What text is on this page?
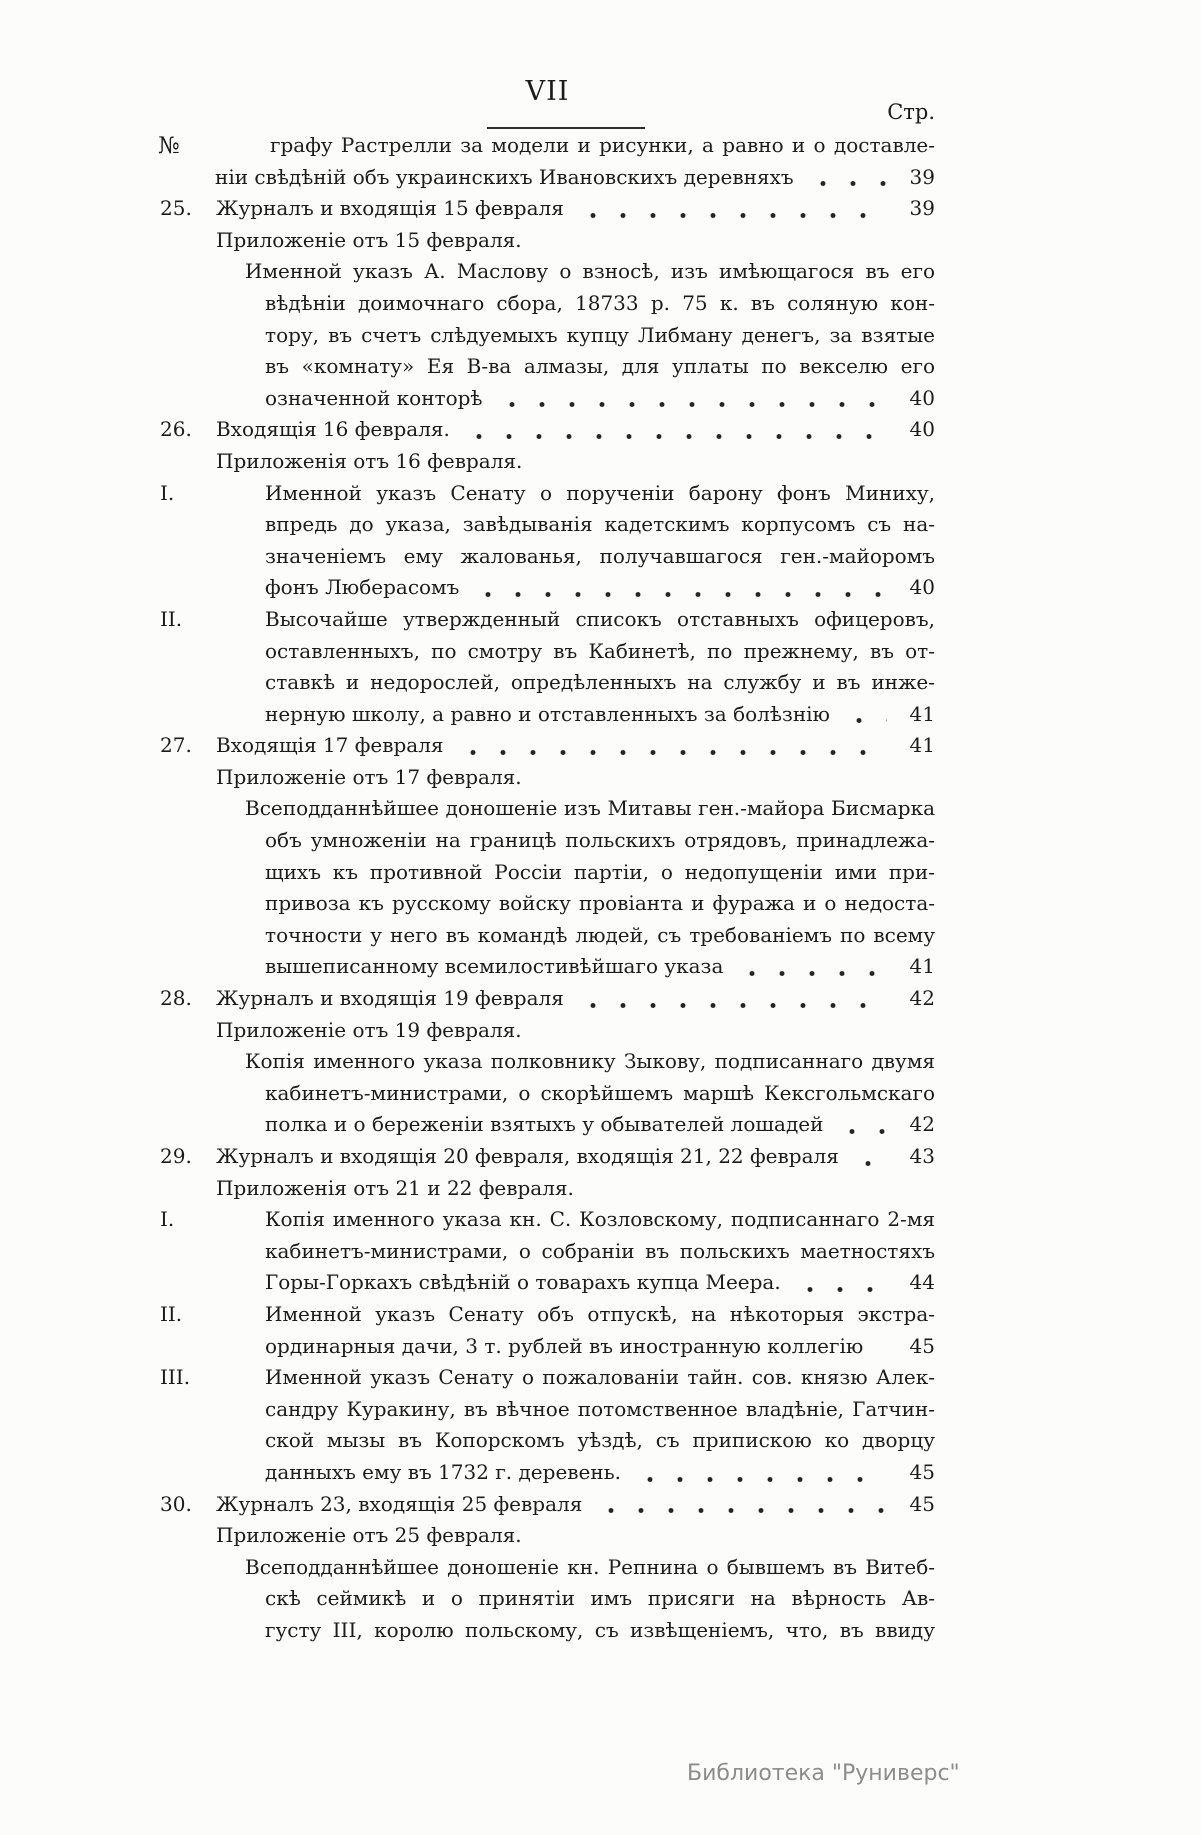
VII
№
Стр.
графу Растрелли за модели и рисунки, а равно и о доставле-
ніи свѣдѣній объ украинскихъ Ивановскихъ деревняхъ	39
25.	Журналъ и входящія 15 февраля	39
Приложеніе отъ 15 февраля.
Именной указъ А. Маслову о взносѣ, изъ имѣющагося въ его
вѣдѣніи доимочнаго сбора, 18733 р. 75 к. въ соляную кон-
тору, въ счетъ слѣдуемыхъ купцу Либману денегъ, за взятые
въ «комнату» Ея В-ва алмазы, для уплаты по векселю его
означенной конторѣ	40
26.	Входящія 16 февраля.	40
Приложенія отъ 16 февраля.
I.	Именной указъ Сенату о порученіи барону фонъ Миниху,
впредь до указа, завѣдыванія кадетскимъ корпусомъ съ на-
значеніемъ ему жалованья, получавшагося ген.-майоромъ
фонъ Люберасомъ	40
II.	Высочайше утвержденный списокъ отставныхъ офицеровъ,
оставленныхъ, по смотру въ Кабинетѣ, по прежнему, въ от-
ставкѣ и недорослей, опредѣленныхъ на службу и въ инже-
нерную школу, а равно и отставленныхъ за болѣзнію	41
27.	Входящія 17 февраля	41
Приложеніе отъ 17 февраля.
Всеподданнѣйшее доношеніе изъ Митавы ген.-майора Бисмарка
объ умноженіи на границѣ польскихъ отрядовъ, принадлежа-
щихъ къ противной Россіи партіи, о недопущеніи ими при-
привоза къ русскому войску провіанта и фуража и о недоста-
точности у него въ командѣ людей, съ требованіемъ по всему
вышеписанному всемилостивѣйшаго указа	41
28.	Журналъ и входящія 19 февраля	42
Приложеніе отъ 19 февраля.
Копія именного указа полковнику Зыкову, подписаннаго двумя
кабинетъ-министрами, о скорѣйшемъ маршѣ Кексгольмскаго
полка и о береженіи взятыхъ у обывателей лошадей	42
29.	Журналъ и входящія 20 февраля, входящія 21, 22 февраля	43
Приложенія отъ 21 и 22 февраля.
I.	Копія именного указа кн. С. Козловскому, подписаннаго 2-мя
кабинетъ-министрами, о собраніи въ польскихъ маетностяхъ
Горы-Горкахъ свѣдѣній о товарахъ купца Меера.	44
II.	Именной указъ Сенату объ отпускѣ, на нѣкоторыя экстра-
ординарныя дачи, 3 т. рублей въ иностранную коллегію	45
III.	Именной указъ Сенату о пожалованіи тайн. сов. князю Алек-
сандру Куракину, въ вѣчное потомственное владѣніе, Гатчин-
ской мызы въ Копорскомъ уѣздѣ, съ припискою ко дворцу
данныхъ ему въ 1732 г. деревень.	45
30.	Журналъ 23, входящія 25 февраля	45
Приложеніе отъ 25 февраля.
Всеподданнѣйшее доношеніе кн. Репнина о бывшемъ въ Витеб-
скѣ сеймикѣ и о принятіи имъ присяги на вѣрность Ав-
густу III, королю польскому, съ извѣщеніемъ, что, въ ввиду
Библиотека "Руниверс"
